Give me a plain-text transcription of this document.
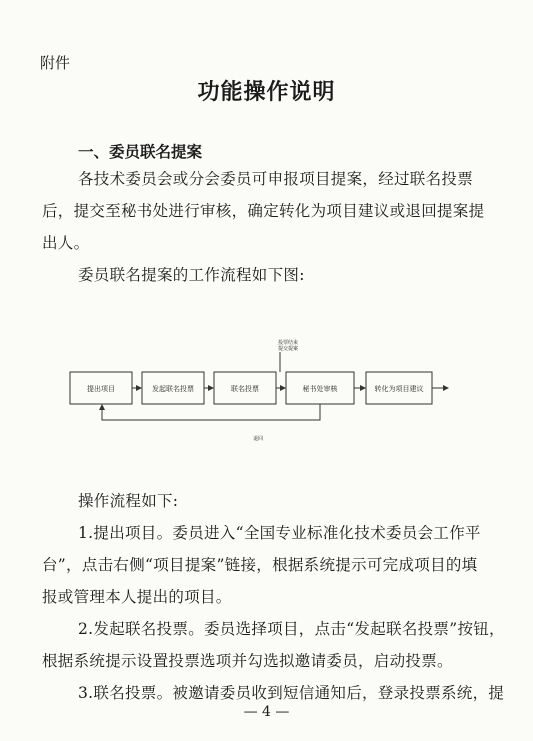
附件
功能操作说明
一、委员联名提案
各技术委员会或分会委员可申报项目提案，经过联名投票
后，提交至秘书处进行审核，确定转化为项目建议或退回提案提
出人。
委员联名提案的工作流程如下图:
提出项目	发起联名投票	联名投票	秘书处审核	转化为项目建议
投票结束
提交提案
退回
操作流程如下:
1.提出项目。委员进入“全国专业标准化技术委员会工作平
台”，点击右侧“项目提案”链接，根据系统提示可完成项目的填
报或管理本人提出的项目。
2.发起联名投票。委员选择项目，点击“发起联名投票”按钮，
根据系统提示设置投票选项并勾选拟邀请委员，启动投票。
3.联名投票。被邀请委员收到短信通知后，登录投票系统，提
— 4 —
